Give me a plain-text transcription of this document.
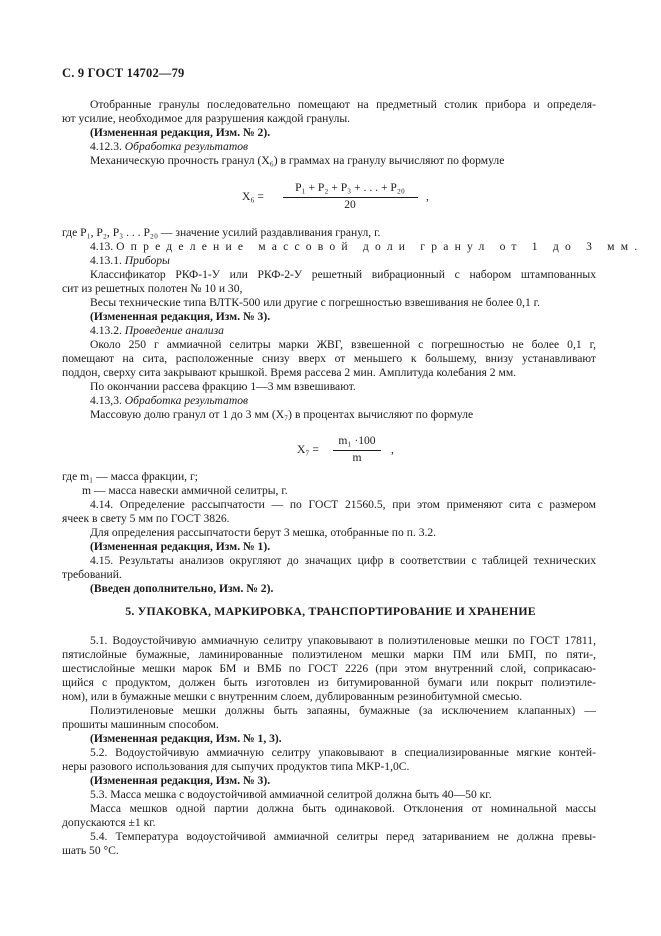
С. 9 ГОСТ 14702—79
Отобранные гранулы последовательно помещают на предметный столик прибора и определя-
ют усилие, необходимое для разрушения каждой гранулы.
(Измененная редакция, Изм. № 2).
4.12.3. Обработка результатов
Механическую прочность гранул (X₆) в граммах на гранулу вычисляют по формуле
X₆ =
P₁ + P₂ + P₃ + . . . + P₂₀
20
,
где P₁, P₂, P₃ . . . P₂₀ — значение усилий раздавливания гранул, г.
4.13. Определение массовой доли гранул от 1 до 3 мм.
4.13.1. Приборы
Классификатор РКФ-1-У или РКФ-2-У решетный вибрационный с набором штампованных
сит из решетных полотен № 10 и 30,
Весы технические типа ВЛТК-500 или другие с погрешностью взвешивания не более 0,1 г.
(Измененная редакция, Изм. № 3).
4.13.2. Проведение анализа
Около 250 г аммиачной селитры марки ЖВГ, взвешенной с погрешностью не более 0,1 г,
помещают на сита, расположенные снизу вверх от меньшего к большему, внизу устанавливают
поддон, сверху сита закрывают крышкой. Время рассева 2 мин. Амплитуда колебания 2 мм.
По окончании рассева фракцию 1—3 мм взвешивают.
4.13,3. Обработка результатов
Массовую долю гранул от 1 до 3 мм (X₇) в процентах вычисляют по формуле
X₇ =
m₁ ·100
m
,
где m₁ — масса фракции, г;
m — масса навески аммичной селитры, г.
4.14. Определение рассыпчатости — по ГОСТ 21560.5, при этом применяют сита с размером
ячеек в свету 5 мм по ГОСТ 3826.
Для определения рассыпчатости берут 3 мешка, отобранные по п. 3.2.
(Измененная редакция, Изм. № 1).
4.15. Результаты анализов округляют до значащих цифр в соответствии с таблицей технических
требований.
(Введен дополнительно, Изм. № 2).
5. УПАКОВКА, МАРКИРОВКА, ТРАНСПОРТИРОВАНИЕ И ХРАНЕНИЕ
5.1. Водоустойчивую аммиачную селитру упаковывают в полиэтиленовые мешки по ГОСТ 17811,
пятислойные бумажные, ламинированные полиэтиленом мешки марки ПМ или БМП, по пяти-,
шестислойные мешки марок БМ и ВМБ по ГОСТ 2226 (при этом внутренний слой, соприкасаю-
щийся с продуктом, должен быть изготовлен из битумированной бумаги или покрыт полиэтиле-
ном), или в бумажные мешки с внутренним слоем, дублированным резинобитумной смесью.
Полиэтиленовые мешки должны быть запаяны, бумажные (за исключением клапанных) —
прошиты машинным способом.
(Измененная редакция, Изм. № 1, 3).
5.2. Водоустойчивую аммиачную селитру упаковывают в специализированные мягкие контей-
неры разового использования для сыпучих продуктов типа МКР-1,0С.
(Измененная редакция, Изм. № 3).
5.3. Масса мешка с водоустойчивой аммиачной селитрой должна быть 40—50 кг.
Масса мешков одной партии должна быть одинаковой. Отклонения от номинальной массы
допускаются ±1 кг.
5.4. Температура водоустойчивой аммиачной селитры перед затариванием не должна превы-
шать 50 °С.
